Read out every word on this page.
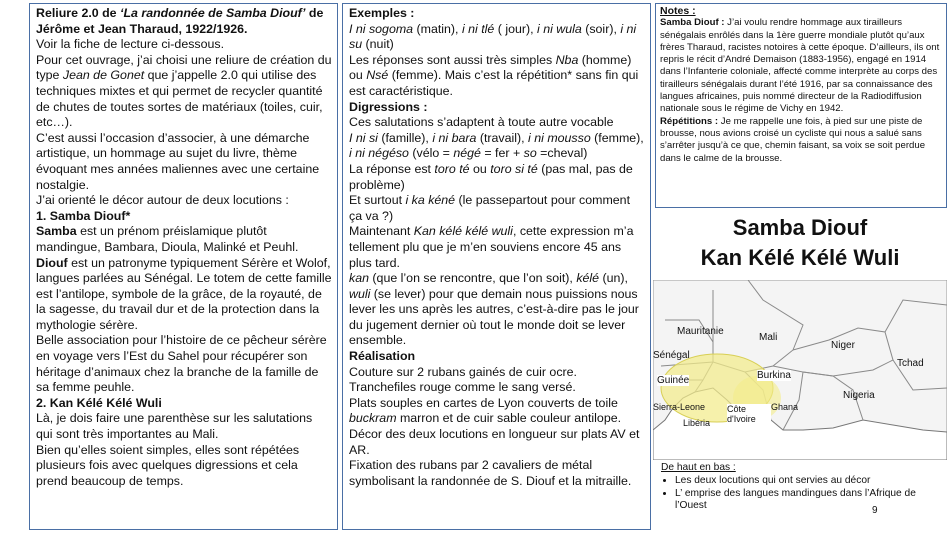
Reliure 2.0 de ‘La randonnée de Samba Diouf’ de Jérôme et Jean Tharaud, 1922/1926.

Voir la fiche de lecture ci-dessous.

Pour cet ouvrage, j’ai choisi une reliure de création du type Jean de Gonet que j’appelle 2.0 qui utilise des techniques mixtes et qui permet de recycler quantité de chutes de toutes sortes de matériaux (toiles, cuir, etc…).

C’est aussi l’occasion d’associer, à une démarche artistique, un hommage au sujet du livre, thème évoquant mes années maliennes avec une certaine nostalgie.

J’ai orienté le décor autour de deux locutions :

1. Samba Diouf*

Samba est un prénom préislamique plutôt mandingue, Bambara, Dioula, Malinké et Peuhl.

Diouf est un patronyme typiquement Sérère et Wolof, langues parlées au Sénégal. Le totem de cette famille est l’antilope, symbole de la grâce, de la royauté, de la sagesse, du travail dur et de la protection dans la mythologie sérère.

Belle association pour l’histoire de ce pêcheur sérère en voyage vers l’Est du Sahel pour récupérer son héritage d’animaux chez la branche de la famille de sa femme peuhle.

2. Kan Kélé Kélé Wuli

Là, je dois faire une parenthèse sur les salutations qui sont très importantes au Mali.

Bien qu’elles soient simples, elles sont répétées plusieurs fois avec quelques digressions et cela prend beaucoup de temps.

Exemples :

I ni sogoma (matin), i ni tlé ( jour), i ni wula (soir), i ni su (nuit)

Les réponses sont aussi très simples Nba (homme) ou Nsé (femme). Mais c’est la répétition* sans fin qui est caractéristique.

Digressions :

Ces salutations s’adaptent à toute autre vocable

I ni si (famille), i ni bara (travail), i ni mousso (femme), i ni négéso (vélo = négé = fer + so =cheval)

La réponse est toro té ou toro si té (pas mal, pas de problème)

Et surtout i ka kéné (le passepartout pour comment ça va ?)

Maintenant Kan kélé kélé wuli, cette expression m’a tellement plu que je m’en souviens encore 45 ans plus tard.

kan (que l’on se rencontre, que l’on soit), kélé (un), wuli (se lever) pour que demain nous puissions nous lever les uns après les autres, c’est-à-dire pas le jour du jugement dernier où tout le monde doit se lever ensemble.

Réalisation

Couture sur 2 rubans gainés de cuir ocre.

Tranchefiles rouge comme le sang versé.

Plats souples en cartes de Lyon couverts de toile buckram marron et de cuir sable couleur antilope.

Décor des deux locutions en longueur sur plats AV et AR.

Fixation des rubans par 2 cavaliers de métal symbolisant la randonnée de S. Diouf et la mitraille.

Notes :

Samba Diouf : J’ai voulu rendre hommage aux tirailleurs sénégalais enrôlés dans la 1ère guerre mondiale plutôt qu’aux frères Tharaud, racistes notoires à cette époque. D’ailleurs, ils ont repris le récit d’André Demaison (1883-1956), engagé en 1914 dans l’Infanterie coloniale, affecté comme interprète au corps des tirailleurs sénégalais durant l’été 1916, par sa connaissance des langues africaines, puis nommé directeur de la Radiodiffusion nationale sous le régime de Vichy en 1942.

Répétitions : Je me rappelle une fois, à pied sur une piste de brousse, nous avions croisé un cycliste qui nous a salué sans s’arrêter jusqu’à ce que, chemin faisant, sa voix se soit perdue dans le calme de la brousse.

Samba Diouf
Kan Kélé Kélé Wuli
Mauritanie
Mali
Niger
Tchad
Sénégal
Guinée	Burkina
Nigeria
Sierra-Leone Côte d'Ivoire
Ghana
Libéria
De haut en bas :
• Les deux locutions qui ont servies au décor
• L’ emprise des langues mandingues dans l’Afrique de l’Ouest	9
